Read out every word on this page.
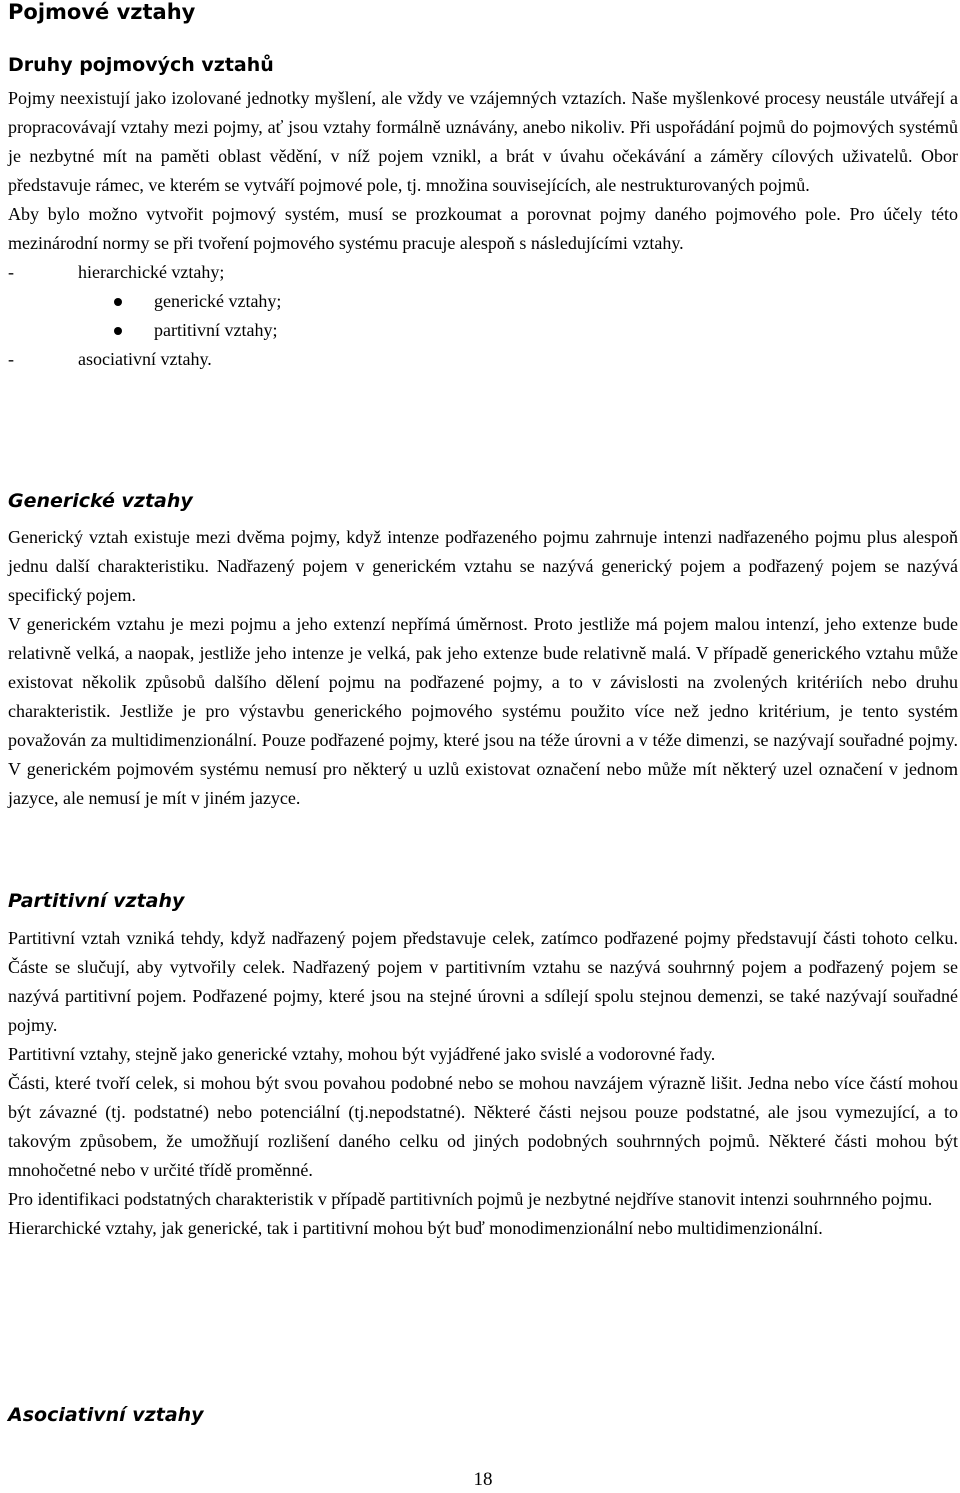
Pojmové vztahy
Druhy pojmových vztahů

Pojmy neexistují jako izolované jednotky myšlení, ale vždy ve vzájemných vztazích. Naše myšlenkové procesy neustále utvářejí a propracovávají vztahy mezi pojmy, ať jsou vztahy formálně uznávány, anebo nikoliv. Při uspořádání pojmů do pojmových systémů je nezbytné mít na paměti oblast vědění, v níž pojem vznikl, a brát v úvahu očekávání a záměry cílových uživatelů. Obor představuje rámec, ve kterém se vytváří pojmové pole, tj. množina souvisejících, ale nestrukturovaných pojmů.

Aby bylo možno vytvořit pojmový systém, musí se prozkoumat a porovnat pojmy daného pojmového pole. Pro účely této mezinárodní normy se při tvoření pojmového systému pracuje alespoň s následujícími vztahy.

-	hierarchické vztahy;
generické vztahy;
partitivní vztahy;
-	asociativní vztahy.
Generické vztahy

Generický vztah existuje mezi dvěma pojmy, když intenze podřazeného pojmu zahrnuje intenzi nadřazeného pojmu plus alespoň jednu další charakteristiku. Nadřazený pojem v generickém vztahu se nazývá generický pojem a podřazený pojem se nazývá specifický pojem.

V generickém vztahu je mezi pojmu a jeho extenzí nepřímá úměrnost. Proto jestliže má pojem malou intenzí, jeho extenze bude relativně velká, a naopak, jestliže jeho intenze je velká, pak jeho extenze bude relativně malá. V případě generického vztahu může existovat několik způsobů dalšího dělení pojmu na podřazené pojmy, a to v závislosti na zvolených kritériích nebo druhu charakteristik. Jestliže je pro výstavbu generického pojmového systému použito více než jedno kritérium, je tento systém považován za multidimenzionální. Pouze podřazené pojmy, které jsou na téže úrovni a v téže dimenzi, se nazývají souřadné pojmy. V generickém pojmovém systému nemusí pro některý u uzlů existovat označení nebo může mít některý uzel označení v jednom jazyce, ale nemusí je mít v jiném jazyce.

Partitivní vztahy

Partitivní vztah vzniká tehdy, když nadřazený pojem představuje celek, zatímco podřazené pojmy představují části tohoto celku. Částe se slučují, aby vytvořily celek. Nadřazený pojem v partitivním vztahu se nazývá souhrnný pojem a podřazený pojem se nazývá partitivní pojem. Podřazené pojmy, které jsou na stejné úrovni a sdílejí spolu stejnou demenzi, se také nazývají souřadné pojmy.

Partitivní vztahy, stejně jako generické vztahy, mohou být vyjádřené jako svislé a vodorovné řady.

Části, které tvoří celek, si mohou být svou povahou podobné nebo se mohou navzájem výrazně lišit. Jedna nebo více částí mohou být závazné (tj. podstatné) nebo potenciální (tj.nepodstatné). Některé části nejsou pouze podstatné, ale jsou vymezující, a to takovým způsobem, že umožňují rozlišení daného celku od jiných podobných souhrnných pojmů. Některé části mohou být mnohočetné nebo v určité třídě proměnné.

Pro identifikaci podstatných charakteristik v případě partitivních pojmů je nezbytné nejdříve stanovit intenzi souhrnného pojmu.

Hierarchické vztahy, jak generické, tak i partitivní mohou být buď monodimenzionální nebo multidimenzionální.

Asociativní vztahy
18
